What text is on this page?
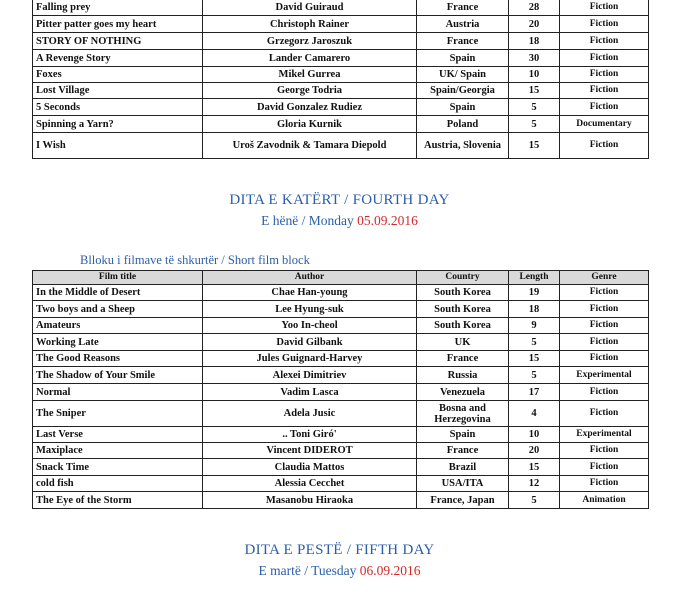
Falling prey	David Guiraud	France	28	Fiction
Pitter patter goes my heart	Christoph Rainer	Austria	20	Fiction
STORY OF NOTHING	Grzegorz Jaroszuk	France	18	Fiction
A Revenge Story	Lander Camarero	Spain	30	Fiction
Foxes	Mikel Gurrea	UK/ Spain	10	Fiction
Lost Village	George Todria	Spain/Georgia	15	Fiction
5 Seconds	David Gonzalez Rudiez	Spain	5	Fiction
Spinning a Yarn?	Gloria Kurnik	Poland	5	Documentary
I Wish	Uroš Zavodnik & Tamara Diepold	Austria, Slovenia	15	Fiction
DITA E KATËRT / FOURTH DAY
E hënë / Monday 05.09.2016
Blloku i filmave të shkurtër / Short film block
Film title	Author	Country	Length	Genre
In the Middle of Desert	Chae Han-young	South Korea	19	Fiction
Two boys and a Sheep	Lee Hyung-suk	South Korea	18	Fiction
Amateurs	Yoo In-cheol	South Korea	9	Fiction
Working Late	David Gilbank	UK	5	Fiction
The Good Reasons	Jules Guignard-Harvey	France	15	Fiction
The Shadow of Your Smile	Alexei Dimitriev	Russia	5	Experimental
Normal	Vadim Lasca	Venezuela	17	Fiction
The Sniper	Adela Jusic	Bosna and Herzegovina	4	Fiction
Last Verse	.. Toni Giró'	Spain	10	Experimental
Maxiplace	Vincent DIDEROT	France	20	Fiction
Snack Time	Claudia Mattos	Brazil	15	Fiction
cold fish	Alessia Cecchet	USA/ITA	12	Fiction
The Eye of the Storm	Masanobu Hiraoka	France, Japan	5	Animation
DITA E PESTË / FIFTH DAY
E martë / Tuesday 06.09.2016
